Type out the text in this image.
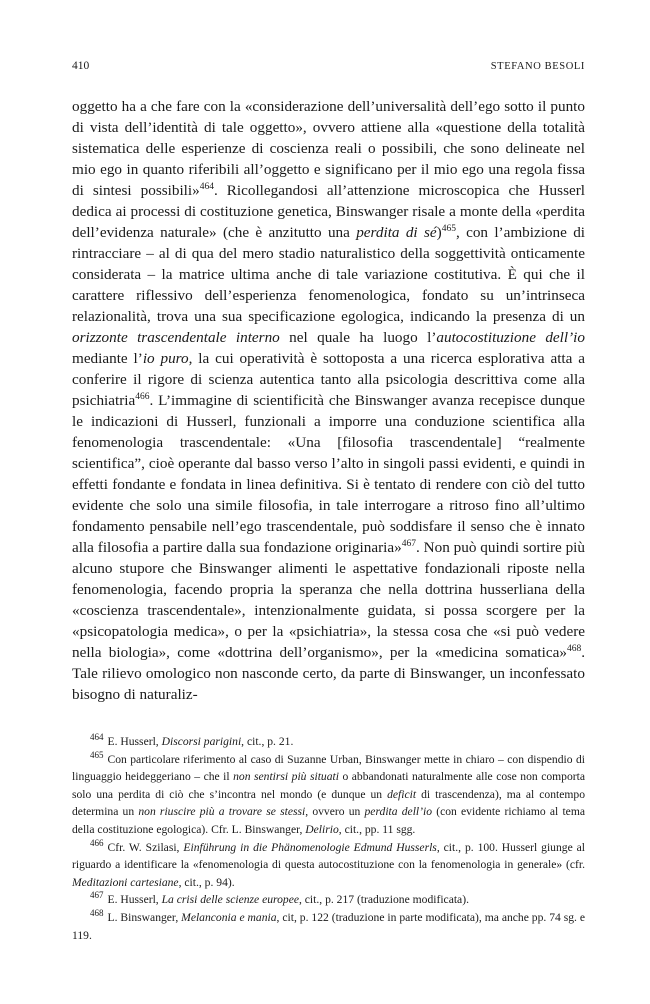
410	STEFANO BESOLI

oggetto ha a che fare con la «considerazione dell’universalità dell’ego sotto il punto di vista dell’identità di tale oggetto», ovvero attiene alla «questione della totalità sistematica delle esperienze di coscienza reali o possibili, che sono delineate nel mio ego in quanto riferibili all’oggetto e significano per il mio ego una regola fissa di sintesi possibili»$^{464}$. Ricollegandosi all’attenzione microscopica che Husserl dedica ai processi di costituzione genetica, Binswanger risale a monte della «perdita dell’evidenza naturale» (che è anzitutto una perdita di sé)$^{465}$, con l’ambizione di rintracciare – al di qua del mero stadio naturalistico della soggettività onticamente considerata – la matrice ultima anche di tale variazione costitutiva. È qui che il carattere riflessivo dell’esperienza fenomenologica, fondato su un’intrinseca relazionalità, trova una sua specificazione egologica, indicando la presenza di un orizzonte trascendentale interno nel quale ha luogo l’autocostituzione dell’io mediante l’io puro, la cui operatività è sottoposta a una ricerca esplorativa atta a conferire il rigore di scienza autentica tanto alla psicologia descrittiva come alla psichiatria$^{466}$. L’immagine di scientificità che Binswanger avanza recepisce dunque le indicazioni di Husserl, funzionali a imporre una conduzione scientifica alla fenomenologia trascendentale: «Una [filosofia trascendentale] “realmente scientifica”, cioè operante dal basso verso l’alto in singoli passi evidenti, e quindi in effetti fondante e fondata in linea definitiva. Si è tentato di rendere con ciò del tutto evidente che solo una simile filosofia, in tale interrogare a ritroso fino all’ultimo fondamento pensabile nell’ego trascendentale, può soddisfare il senso che è innato alla filosofia a partire dalla sua fondazione originaria»$^{467}$. Non può quindi sortire più alcuno stupore che Binswanger alimenti le aspettative fondazionali riposte nella fenomenologia, facendo propria la speranza che nella dottrina husserliana della «coscienza trascendentale», intenzionalmente guidata, si possa scorgere per la «psicopatologia medica», o per la «psichiatria», la stessa cosa che «si può vedere nella biologia», come «dottrina dell’organismo», per la «medicina somatica»$^{468}$. Tale rilievo omologico non nasconde certo, da parte di Binswanger, un inconfessato bisogno di naturaliz-

$^{464}$ E. Husserl, Discorsi parigini, cit., p. 21.

$^{465}$ Con particolare riferimento al caso di Suzanne Urban, Binswanger mette in chiaro – con dispendio di linguaggio heideggeriano – che il non sentirsi più situati o abbandonati naturalmente alle cose non comporta solo una perdita di ciò che s’incontra nel mondo (e dunque un deficit di trascendenza), ma al contempo determina un non riuscire più a trovare se stessi, ovvero un perdita dell’io (con evidente richiamo al tema della costituzione egologica). Cfr. L. Binswanger, Delirio, cit., pp. 11 sgg.

$^{466}$ Cfr. W. Szilasi, Einführung in die Phänomenologie Edmund Husserls, cit., p. 100. Husserl giunge al riguardo a identificare la «fenomenologia di questa autocostituzione con la fenomenologia in generale» (cfr. Meditazioni cartesiane, cit., p. 94).

$^{467}$ E. Husserl, La crisi delle scienze europee, cit., p. 217 (traduzione modificata).

$^{468}$ L. Binswanger, Melanconia e mania, cit, p. 122 (traduzione in parte modificata), ma anche pp. 74 sg. e 119.
